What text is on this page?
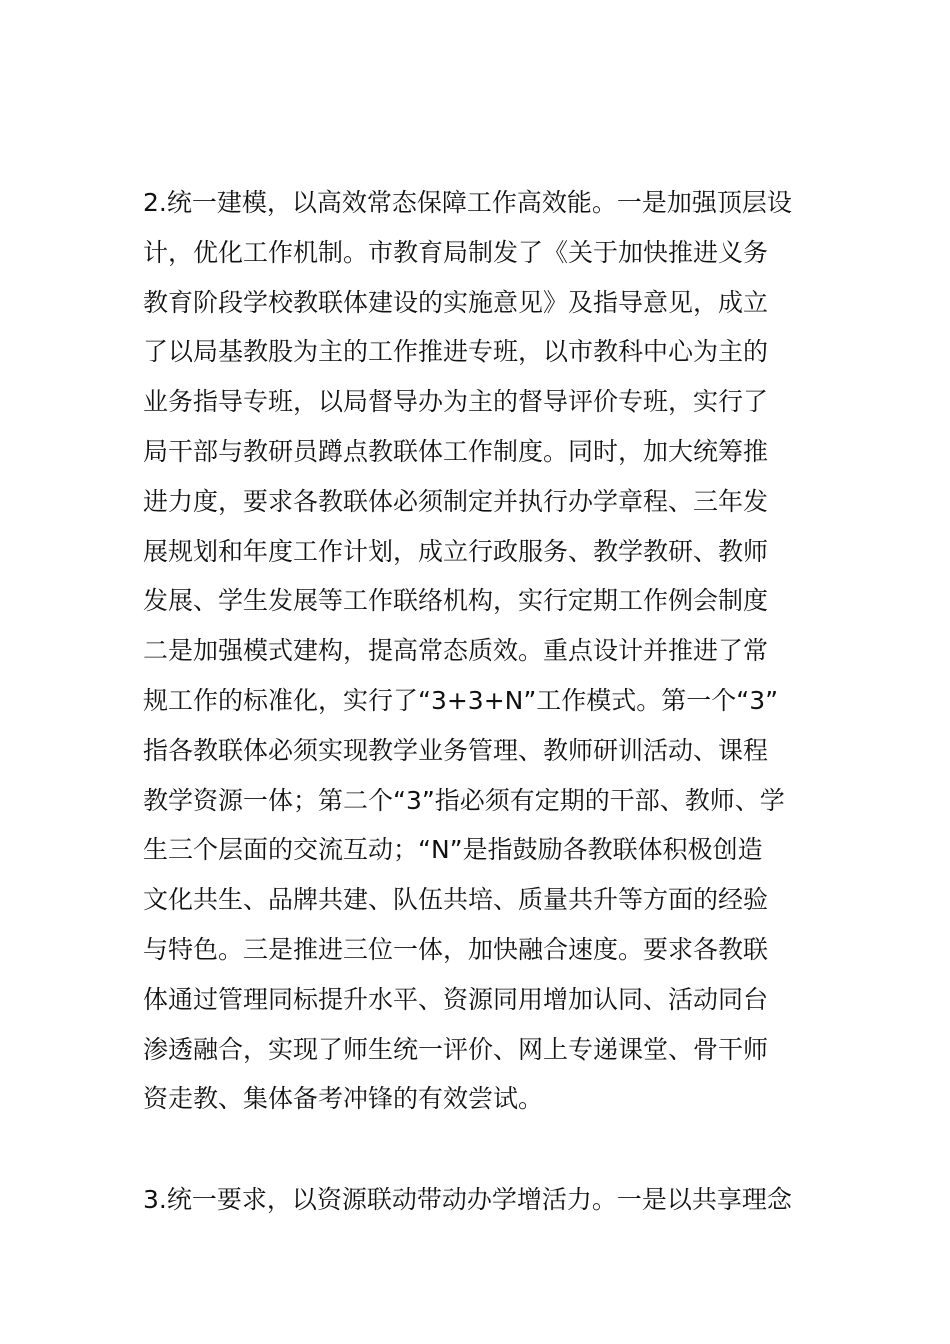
2.统一建模，以高效常态保障工作高效能。一是加强顶层设
计，优化工作机制。市教育局制发了《关于加快推进义务
教育阶段学校教联体建设的实施意见》及指导意见，成立
了以局基教股为主的工作推进专班，以市教科中心为主的
业务指导专班，以局督导办为主的督导评价专班，实行了
局干部与教研员蹲点教联体工作制度。同时，加大统筹推
进力度，要求各教联体必须制定并执行办学章程、三年发
展规划和年度工作计划，成立行政服务、教学教研、教师
发展、学生发展等工作联络机构，实行定期工作例会制度
二是加强模式建构，提高常态质效。重点设计并推进了常
规工作的标准化，实行了“3+3+N”工作模式。第一个“3”
指各教联体必须实现教学业务管理、教师研训活动、课程
教学资源一体；第二个“3”指必须有定期的干部、教师、学
生三个层面的交流互动；“N”是指鼓励各教联体积极创造
文化共生、品牌共建、队伍共培、质量共升等方面的经验
与特色。三是推进三位一体，加快融合速度。要求各教联
体通过管理同标提升水平、资源同用增加认同、活动同台
渗透融合，实现了师生统一评价、网上专递课堂、骨干师
资走教、集体备考冲锋的有效尝试。
3.统一要求，以资源联动带动办学增活力。一是以共享理念
